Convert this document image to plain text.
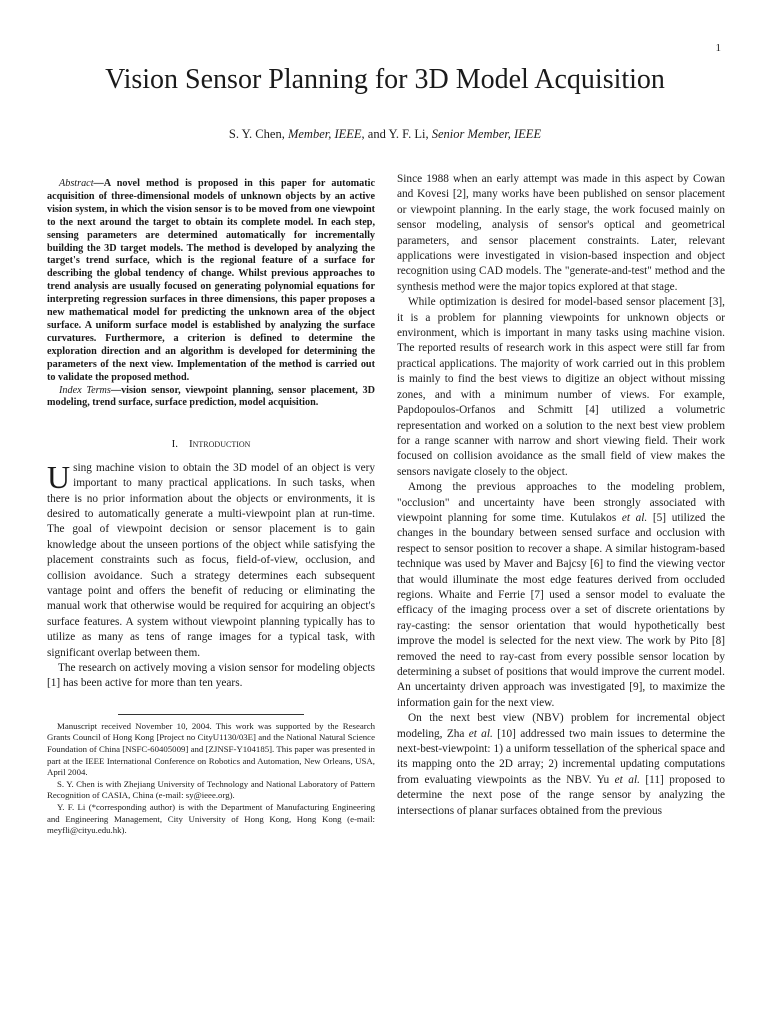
1
Vision Sensor Planning for 3D Model Acquisition
S. Y. Chen, Member, IEEE, and Y. F. Li, Senior Member, IEEE

Abstract—A novel method is proposed in this paper for automatic acquisition of three-dimensional models of unknown objects by an active vision system, in which the vision sensor is to be moved from one viewpoint to the next around the target to obtain its complete model. In each step, sensing parameters are determined automatically for incrementally building the 3D target models. The method is developed by analyzing the target's trend surface, which is the regional feature of a surface for describing the global tendency of change. Whilst previous approaches to trend analysis are usually focused on generating polynomial equations for interpreting regression surfaces in three dimensions, this paper proposes a new mathematical model for predicting the unknown area of the object surface. A uniform surface model is established by analyzing the surface curvatures. Furthermore, a criterion is defined to determine the exploration direction and an algorithm is developed for determining the parameters of the next view. Implementation of the method is carried out to validate the proposed method.

Index Terms—vision sensor, viewpoint planning, sensor placement, 3D modeling, trend surface, surface prediction, model acquisition.

I. Introduction

Using machine vision to obtain the 3D model of an object is very important to many practical applications. In such tasks, when there is no prior information about the objects or environments, it is desired to automatically generate a multi-viewpoint plan at run-time. The goal of viewpoint decision or sensor placement is to gain knowledge about the unseen portions of the object while satisfying the placement constraints such as focus, field-of-view, occlusion, and collision avoidance. Such a strategy determines each subsequent vantage point and offers the benefit of reducing or eliminating the manual work that otherwise would be required for acquiring an object's surface features. A system without viewpoint planning typically has to utilize as many as tens of range images for a typical task, with significant overlap between them.

The research on actively moving a vision sensor for modeling objects [1] has been active for more than ten years.

Manuscript received November 10, 2004. This work was supported by the Research Grants Council of Hong Kong [Project no CityU1130/03E] and the National Natural Science Foundation of China [NSFC-60405009] and [ZJNSF-Y104185]. This paper was presented in part at the IEEE International Conference on Robotics and Automation, New Orleans, USA, April 2004.

S. Y. Chen is with Zhejiang University of Technology and National Laboratory of Pattern Recognition of CASIA, China (e-mail: sy@ieee.org).

Y. F. Li (*corresponding author) is with the Department of Manufacturing Engineering and Engineering Management, City University of Hong Kong, Hong Kong (e-mail: meyfli@cityu.edu.hk).

Since 1988 when an early attempt was made in this aspect by Cowan and Kovesi [2], many works have been published on sensor placement or viewpoint planning. In the early stage, the work focused mainly on sensor modeling, analysis of sensor's optical and geometrical parameters, and sensor placement constraints. Later, relevant applications were investigated in vision-based inspection and object recognition using CAD models. The "generate-and-test" method and the synthesis method were the major topics explored at that stage.

While optimization is desired for model-based sensor placement [3], it is a problem for planning viewpoints for unknown objects or environment, which is important in many tasks using machine vision. The reported results of research work in this aspect were still far from practical applications. The majority of work carried out in this problem is mainly to find the best views to digitize an object without missing zones, and with a minimum number of views. For example, Papdopoulos-Orfanos and Schmitt [4] utilized a volumetric representation and worked on a solution to the next best view problem for a range scanner with narrow and short viewing field. Their work focused on collision avoidance as the small field of view makes the sensors navigate closely to the object.

Among the previous approaches to the modeling problem, "occlusion" and uncertainty have been strongly associated with viewpoint planning for some time. Kutulakos et al. [5] utilized the changes in the boundary between sensed surface and occlusion with respect to sensor position to recover a shape. A similar histogram-based technique was used by Maver and Bajcsy [6] to find the viewing vector that would illuminate the most edge features derived from occluded regions. Whaite and Ferrie [7] used a sensor model to evaluate the efficacy of the imaging process over a set of discrete orientations by ray-casting: the sensor orientation that would hypothetically best improve the model is selected for the next view. The work by Pito [8] removed the need to ray-cast from every possible sensor location by determining a subset of positions that would improve the current model. An uncertainty driven approach was investigated [9], to maximize the information gain for the next view.

On the next best view (NBV) problem for incremental object modeling, Zha et al. [10] addressed two main issues to determine the next-best-viewpoint: 1) a uniform tessellation of the spherical space and its mapping onto the 2D array; 2) incremental updating computations from evaluating viewpoints as the NBV. Yu et al. [11] proposed to determine the next pose of the range sensor by analyzing the intersections of planar surfaces obtained from the previous
